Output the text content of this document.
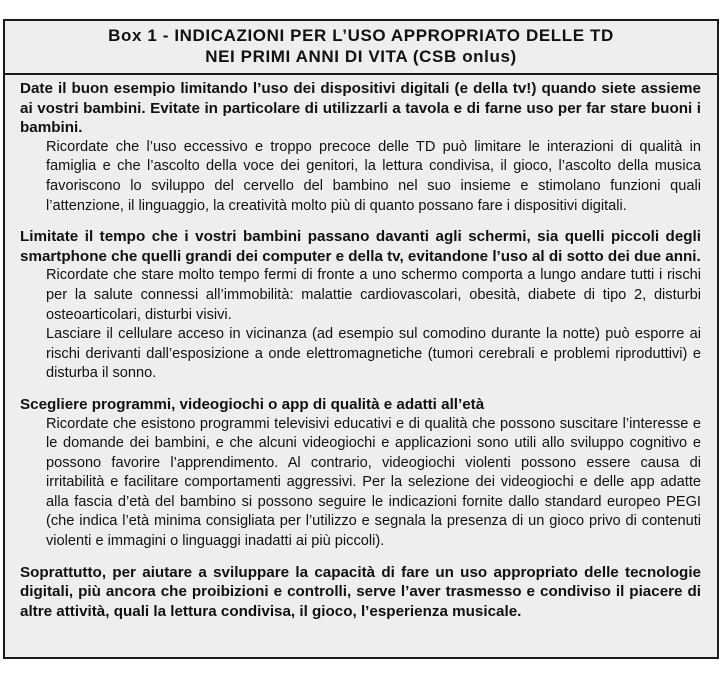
Box 1 - INDICAZIONI PER L’USO APPROPRIATO DELLE TD
NEI PRIMI ANNI DI VITA (CSB onlus)

Date il buon esempio limitando l’uso dei dispositivi digitali (e della tv!) quando siete assieme ai vostri bambini. Evitate in particolare di utilizzarli a tavola e di farne uso per far stare buoni i bambini.

Ricordate che l’uso eccessivo e troppo precoce delle TD può limitare le interazioni di qualità in famiglia e che l’ascolto della voce dei genitori, la lettura condivisa, il gioco, l’ascolto della musica favoriscono lo sviluppo del cervello del bambino nel suo insieme e stimolano funzioni quali l’attenzione, il linguaggio, la creatività molto più di quanto possano fare i dispositivi digitali.

Limitate il tempo che i vostri bambini passano davanti agli schermi, sia quelli piccoli degli smartphone che quelli grandi dei computer e della tv, evitandone l’uso al di sotto dei due anni.

Ricordate che stare molto tempo fermi di fronte a uno schermo comporta a lungo andare tutti i rischi per la salute connessi all’immobilità: malattie cardiovascolari, obesità, diabete di tipo 2, disturbi osteoarticolari, disturbi visivi.

Lasciare il cellulare acceso in vicinanza (ad esempio sul comodino durante la notte) può esporre ai rischi derivanti dall’esposizione a onde elettromagnetiche (tumori cerebrali e problemi riproduttivi) e disturba il sonno.

Scegliere programmi, videogiochi o app di qualità e adatti all’età

Ricordate che esistono programmi televisivi educativi e di qualità che possono suscitare l’interesse e le domande dei bambini, e che alcuni videogiochi e applicazioni sono utili allo sviluppo cognitivo e possono favorire l’apprendimento. Al contrario, videogiochi violenti possono essere causa di irritabilità e facilitare comportamenti aggressivi. Per la selezione dei videogiochi e delle app adatte alla fascia d’età del bambino si possono seguire le indicazioni fornite dallo standard europeo PEGI (che indica l’età minima consigliata per l’utilizzo e segnala la presenza di un gioco privo di contenuti violenti e immagini o linguaggi inadatti ai più piccoli).

Soprattutto, per aiutare a sviluppare la capacità di fare un uso appropriato delle tecnologie digitali, più ancora che proibizioni e controlli, serve l’aver trasmesso e condiviso il piacere di altre attività, quali la lettura condivisa, il gioco, l’esperienza musicale.
